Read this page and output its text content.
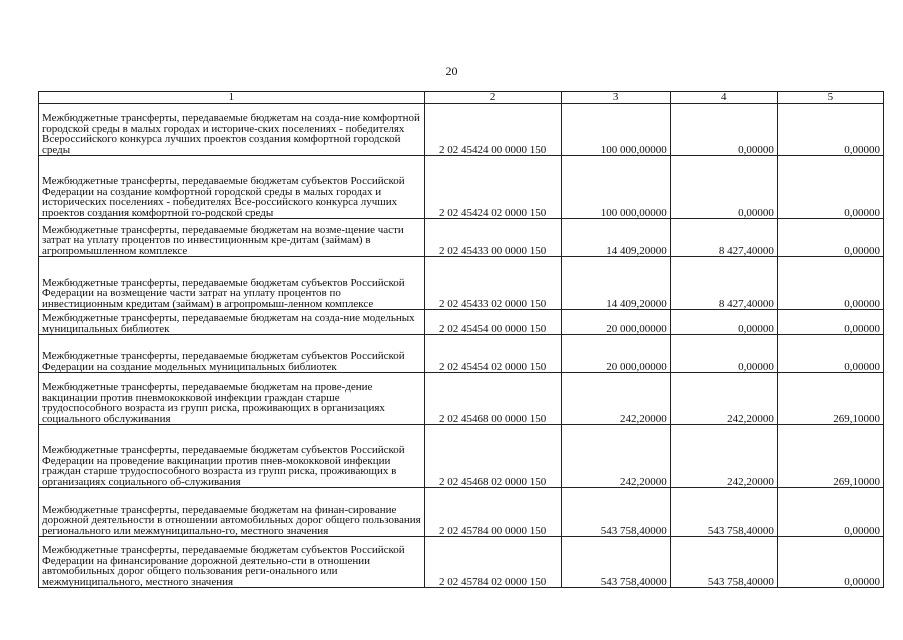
20
1	2	3	4	5
Межбюджетные трансферты, передаваемые бюджетам на созда-ние комфортной городской среды в малых городах и историче-ских поселениях - победителях Всероссийского конкурса лучших проектов создания комфортной городской среды	2 02 45424 00 0000 150	100 000,00000	0,00000	0,00000
Межбюджетные трансферты, передаваемые бюджетам субъектов Российской Федерации на создание комфортной городской среды в малых городах и исторических поселениях - победителях Все-российского конкурса лучших проектов создания комфортной го-родской среды	2 02 45424 02 0000 150	100 000,00000	0,00000	0,00000
Межбюджетные трансферты, передаваемые бюджетам на возме-щение части затрат на уплату процентов по инвестиционным кре-дитам (займам) в агропромышленном комплексе	2 02 45433 00 0000 150	14 409,20000	8 427,40000	0,00000
Межбюджетные трансферты, передаваемые бюджетам субъектов Российской Федерации на возмещение части затрат на уплату процентов по инвестиционным кредитам (займам) в агропромыш-ленном комплексе	2 02 45433 02 0000 150	14 409,20000	8 427,40000	0,00000
Межбюджетные трансферты, передаваемые бюджетам на созда-ние модельных муниципальных библиотек	2 02 45454 00 0000 150	20 000,00000	0,00000	0,00000
Межбюджетные трансферты, передаваемые бюджетам субъектов Российской Федерации на создание модельных муниципальных библиотек	2 02 45454 02 0000 150	20 000,00000	0,00000	0,00000
Межбюджетные трансферты, передаваемые бюджетам на прове-дение вакцинации против пневмококковой инфекции граждан старше трудоспособного возраста из групп риска, проживающих в организациях социального обслуживания	2 02 45468 00 0000 150	242,20000	242,20000	269,10000
Межбюджетные трансферты, передаваемые бюджетам субъектов Российской Федерации на проведение вакцинации против пнев-мококковой инфекции граждан старше трудоспособного возраста из групп риска, проживающих в организациях социального об-служивания	2 02 45468 02 0000 150	242,20000	242,20000	269,10000
Межбюджетные трансферты, передаваемые бюджетам на финан-сирование дорожной деятельности в отношении автомобильных дорог общего пользования регионального или межмуниципально-го, местного значения	2 02 45784 00 0000 150	543 758,40000	543 758,40000	0,00000
Межбюджетные трансферты, передаваемые бюджетам субъектов Российской Федерации на финансирование дорожной деятельно-сти в отношении автомобильных дорог общего пользования реги-онального или межмуниципального, местного значения	2 02 45784 02 0000 150	543 758,40000	543 758,40000	0,00000
